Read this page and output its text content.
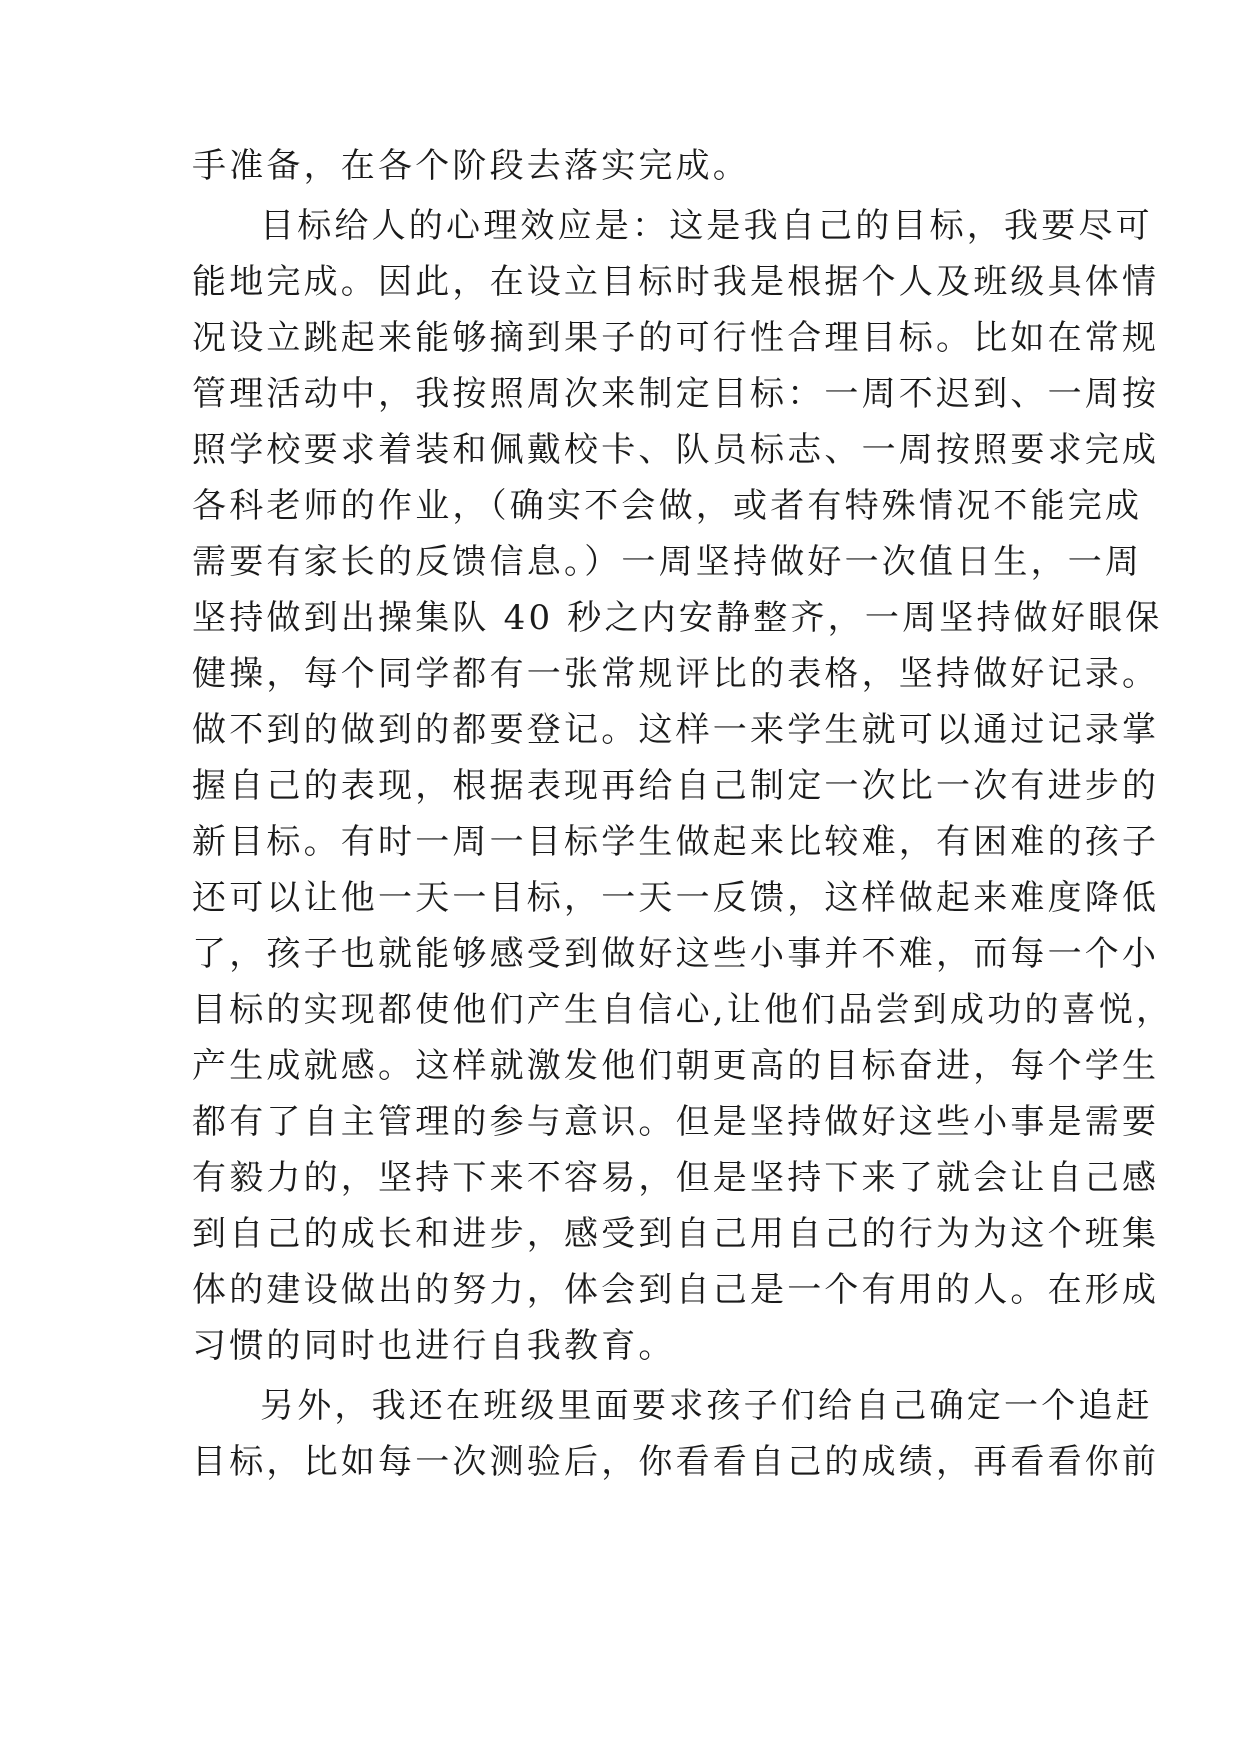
手准备，在各个阶段去落实完成。
目标给人的心理效应是：这是我自己的目标，我要尽可
能地完成。因此，在设立目标时我是根据个人及班级具体情
况设立跳起来能够摘到果子的可行性合理目标。比如在常规
管理活动中，我按照周次来制定目标：一周不迟到、一周按
照学校要求着装和佩戴校卡、队员标志、一周按照要求完成
各科老师的作业，（确实不会做，或者有特殊情况不能完成
需要有家长的反馈信息。）一周坚持做好一次值日生，一周
坚持做到出操集队 40 秒之内安静整齐，一周坚持做好眼保
健操，每个同学都有一张常规评比的表格，坚持做好记录。
做不到的做到的都要登记。这样一来学生就可以通过记录掌
握自己的表现，根据表现再给自己制定一次比一次有进步的
新目标。有时一周一目标学生做起来比较难，有困难的孩子
还可以让他一天一目标，一天一反馈，这样做起来难度降低
了，孩子也就能够感受到做好这些小事并不难，而每一个小
目标的实现都使他们产生自信心,让他们品尝到成功的喜悦，
产生成就感。这样就激发他们朝更高的目标奋进，每个学生
都有了自主管理的参与意识。但是坚持做好这些小事是需要
有毅力的，坚持下来不容易，但是坚持下来了就会让自己感
到自己的成长和进步，感受到自己用自己的行为为这个班集
体的建设做出的努力，体会到自己是一个有用的人。在形成
习惯的同时也进行自我教育。
另外，我还在班级里面要求孩子们给自己确定一个追赶
目标，比如每一次测验后，你看看自己的成绩，再看看你前
